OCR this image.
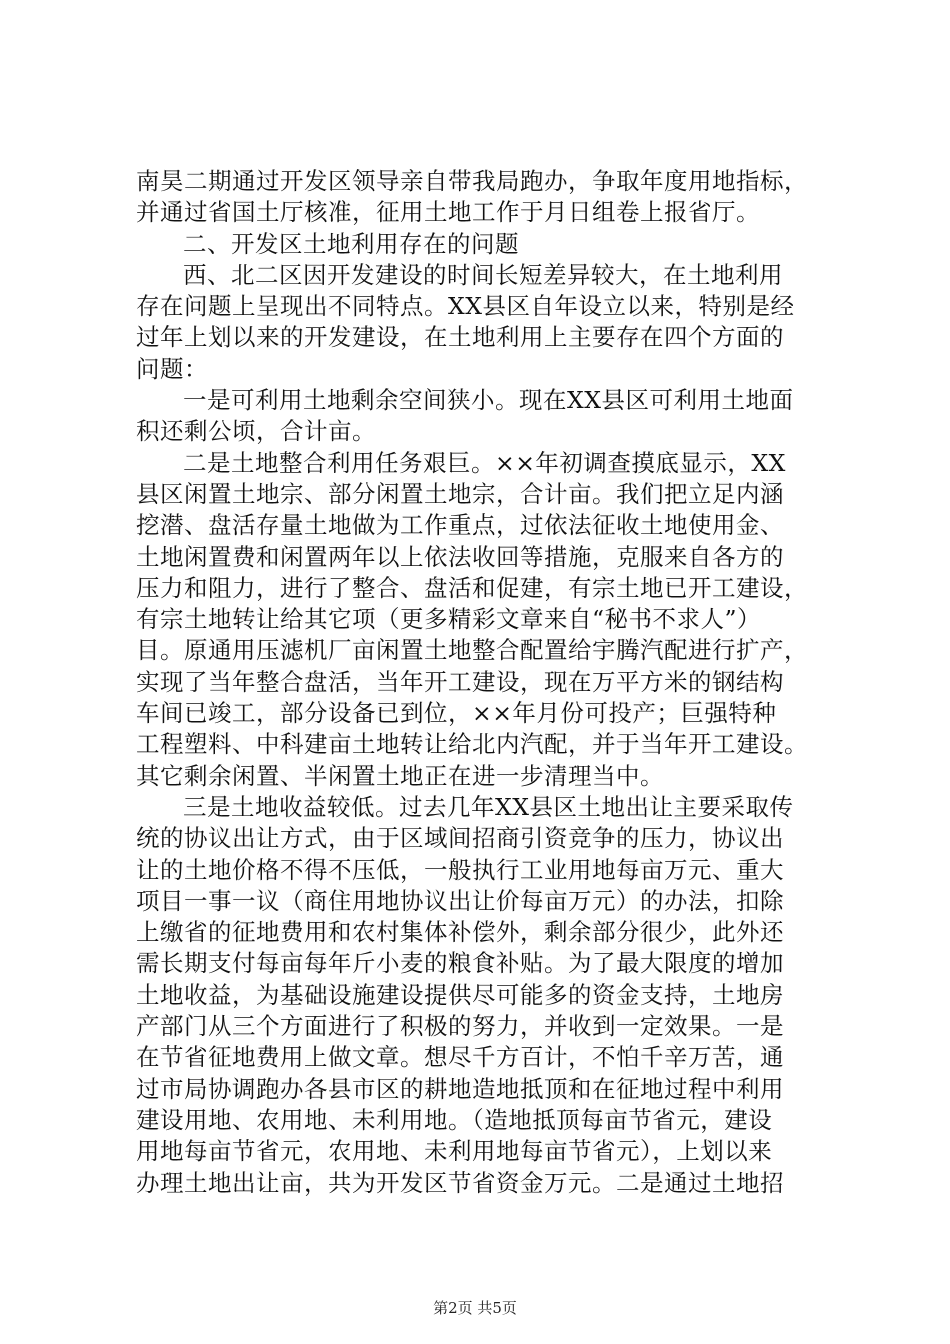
南昊二期通过开发区领导亲自带我局跑办，争取年度用地指标，
并通过省国土厅核准，征用土地工作于月日组卷上报省厅。
二、开发区土地利用存在的问题
西、北二区因开发建设的时间长短差异较大，在土地利用
存在问题上呈现出不同特点。XX县区自年设立以来，特别是经
过年上划以来的开发建设，在土地利用上主要存在四个方面的
问题：
一是可利用土地剩余空间狭小。现在XX县区可利用土地面
积还剩公顷，合计亩。
二是土地整合利用任务艰巨。××年初调查摸底显示，XX
县区闲置土地宗、部分闲置土地宗，合计亩。我们把立足内涵
挖潜、盘活存量土地做为工作重点，过依法征收土地使用金、
土地闲置费和闲置两年以上依法收回等措施，克服来自各方的
压力和阻力，进行了整合、盘活和促建，有宗土地已开工建设，
有宗土地转让给其它项（更多精彩文章来自“秘书不求人”）
目。原通用压滤机厂亩闲置土地整合配置给宇腾汽配进行扩产，
实现了当年整合盘活，当年开工建设，现在万平方米的钢结构
车间已竣工，部分设备已到位，××年月份可投产；巨强特种
工程塑料、中科建亩土地转让给北内汽配，并于当年开工建设。
其它剩余闲置、半闲置土地正在进一步清理当中。
三是土地收益较低。过去几年XX县区土地出让主要采取传
统的协议出让方式，由于区域间招商引资竞争的压力，协议出
让的土地价格不得不压低，一般执行工业用地每亩万元、重大
项目一事一议（商住用地协议出让价每亩万元）的办法，扣除
上缴省的征地费用和农村集体补偿外，剩余部分很少，此外还
需长期支付每亩每年斤小麦的粮食补贴。为了最大限度的增加
土地收益，为基础设施建设提供尽可能多的资金支持，土地房
产部门从三个方面进行了积极的努力，并收到一定效果。一是
在节省征地费用上做文章。想尽千方百计，不怕千辛万苦，通
过市局协调跑办各县市区的耕地造地抵顶和在征地过程中利用
建设用地、农用地、未利用地。（造地抵顶每亩节省元，建设
用地每亩节省元，农用地、未利用地每亩节省元），上划以来
办理土地出让亩，共为开发区节省资金万元。二是通过土地招
第2页 共5页
